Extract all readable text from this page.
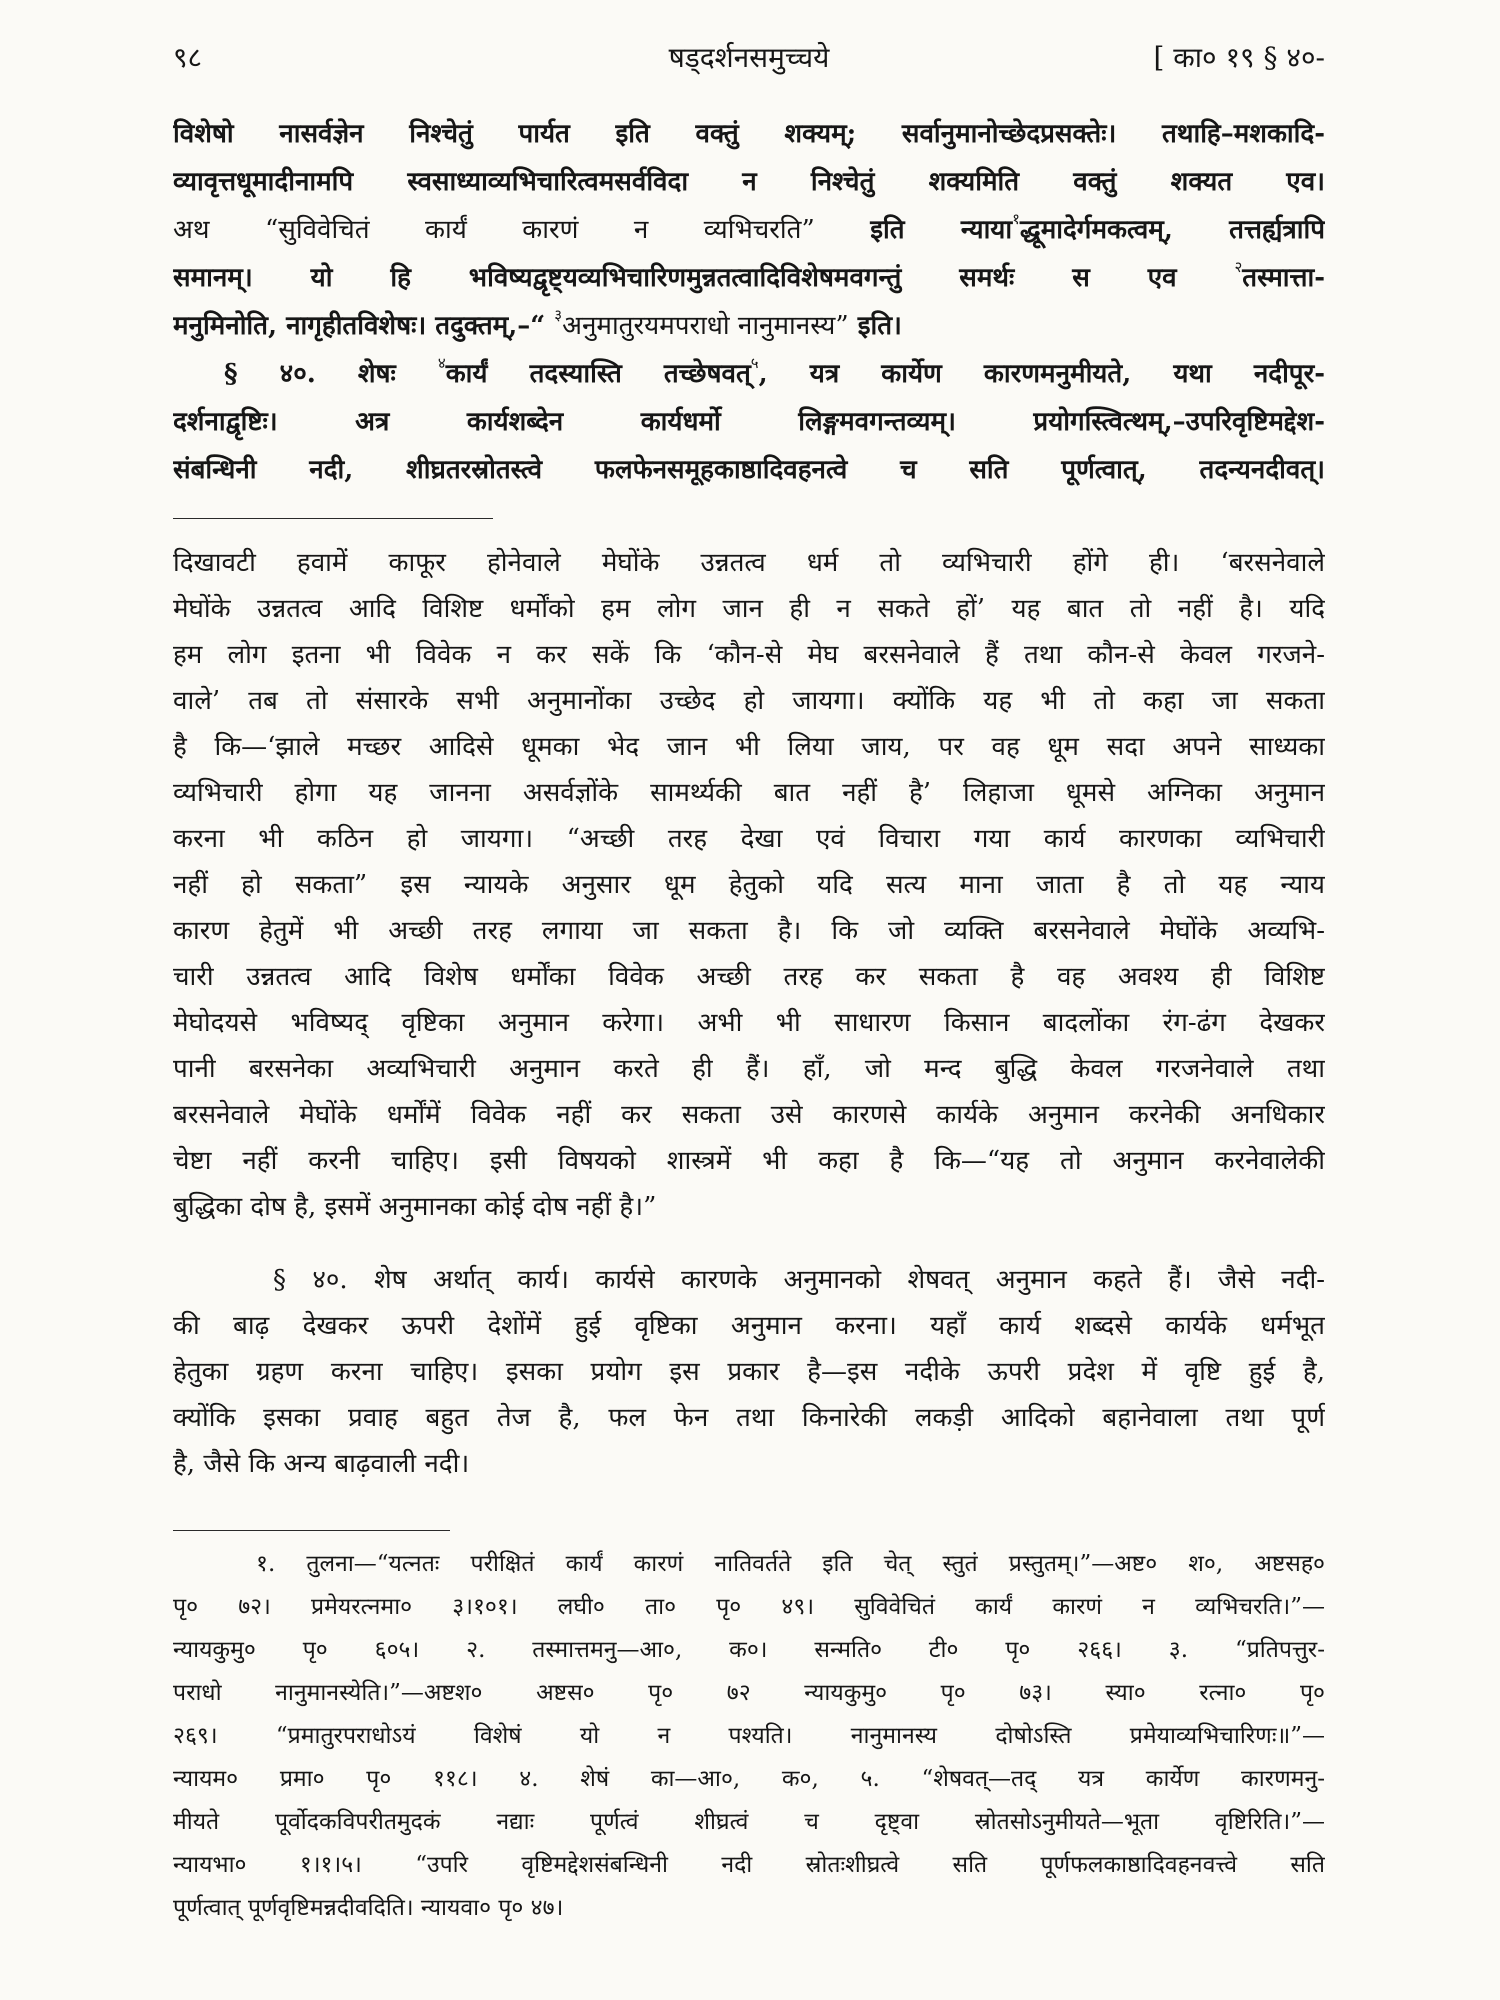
९८	षड्दर्शनसमुच्चये	[ का० १९ § ४०-
विशेषो नासर्वज्ञेन निश्चेतुं पार्यत इति वक्तुं शक्यम्; सर्वानुमानोच्छेदप्रसक्तेः। तथाहि–मशकादि-
व्यावृत्तधूमादीनामपि स्वसाध्याव्यभिचारित्वमसर्वविदा न निश्चेतुं शक्यमिति वक्तुं शक्यत एव।
अथ “सुविवेचितं कार्यं कारणं न व्यभिचरति” इति न्याया$^१$द्धूमादेर्गमकत्वम्, तत्तर्ह्यत्रापि
समानम्। यो हि भविष्यद्वृष्ट्यव्यभिचारिणमुन्नतत्वादिविशेषमवगन्तुं समर्थः स एव $^२$तस्मात्ता-
मनुमिनोति, नागृहीतविशेषः। तदुक्तम्,–“ $^३$अनुमातुरयमपराधो नानुमानस्य” इति।
§ ४०. शेषः $^४$कार्यं तदस्यास्ति तच्छेषवत्$^५$, यत्र कार्येण कारणमनुमीयते, यथा नदीपूर-
दर्शनाद्वृष्टिः। अत्र कार्यशब्देन कार्यधर्मो लिङ्गमवगन्तव्यम्। प्रयोगस्त्वित्थम्,–उपरिवृष्टिमद्देश-
संबन्धिनी नदी, शीघ्रतरस्रोतस्त्वे फलफेनसमूहकाष्ठादिवहनत्वे च सति पूर्णत्वात्, तदन्यनदीवत्।
दिखावटी हवामें काफूर होनेवाले मेघोंके उन्नतत्व धर्म तो व्यभिचारी होंगे ही। ‘बरसनेवाले
मेघोंके उन्नतत्व आदि विशिष्ट धर्मोंको हम लोग जान ही न सकते हों’ यह बात तो नहीं है। यदि
हम लोग इतना भी विवेक न कर सकें कि ‘कौन-से मेघ बरसनेवाले हैं तथा कौन-से केवल गरजने-
वाले’ तब तो संसारके सभी अनुमानोंका उच्छेद हो जायगा। क्योंकि यह भी तो कहा जा सकता
है कि—‘झाले मच्छर आदिसे धूमका भेद जान भी लिया जाय, पर वह धूम सदा अपने साध्यका
व्यभिचारी होगा यह जानना असर्वज्ञोंके सामर्थ्यकी बात नहीं है’ लिहाजा धूमसे अग्निका अनुमान
करना भी कठिन हो जायगा। “अच्छी तरह देखा एवं विचारा गया कार्य कारणका व्यभिचारी
नहीं हो सकता” इस न्यायके अनुसार धूम हेतुको यदि सत्य माना जाता है तो यह न्याय
कारण हेतुमें भी अच्छी तरह लगाया जा सकता है। कि जो व्यक्ति बरसनेवाले मेघोंके अव्यभि-
चारी उन्नतत्व आदि विशेष धर्मोंका विवेक अच्छी तरह कर सकता है वह अवश्य ही विशिष्ट
मेघोदयसे भविष्यद् वृष्टिका अनुमान करेगा। अभी भी साधारण किसान बादलोंका रंग-ढंग देखकर
पानी बरसनेका अव्यभिचारी अनुमान करते ही हैं। हाँ, जो मन्द बुद्धि केवल गरजनेवाले तथा
बरसनेवाले मेघोंके धर्मोंमें विवेक नहीं कर सकता उसे कारणसे कार्यके अनुमान करनेकी अनधिकार
चेष्टा नहीं करनी चाहिए। इसी विषयको शास्त्रमें भी कहा है कि—“यह तो अनुमान करनेवालेकी
बुद्धिका दोष है, इसमें अनुमानका कोई दोष नहीं है।”
§ ४०. शेष अर्थात् कार्य। कार्यसे कारणके अनुमानको शेषवत् अनुमान कहते हैं। जैसे नदी-
की बाढ़ देखकर ऊपरी देशोंमें हुई वृष्टिका अनुमान करना। यहाँ कार्य शब्दसे कार्यके धर्मभूत
हेतुका ग्रहण करना चाहिए। इसका प्रयोग इस प्रकार है—इस नदीके ऊपरी प्रदेश में वृष्टि हुई है,
क्योंकि इसका प्रवाह बहुत तेज है, फल फेन तथा किनारेकी लकड़ी आदिको बहानेवाला तथा पूर्ण
है, जैसे कि अन्य बाढ़वाली नदी।
१. तुलना—“यत्नतः परीक्षितं कार्यं कारणं नातिवर्तते इति चेत् स्तुतं प्रस्तुतम्।”—अष्ट० श०, अष्टसह०
पृ० ७२। प्रमेयरत्नमा० ३।१०१। लघी० ता० पृ० ४९। सुविवेचितं कार्यं कारणं न व्यभिचरति।”—
न्यायकुमु० पृ० ६०५। २. तस्मात्तमनु—आ०, क०। सन्मति० टी० पृ० २६६। ३. “प्रतिपत्तुर-
पराधो नानुमानस्येति।”—अष्टश० अष्टस० पृ० ७२ न्यायकुमु० पृ० ७३। स्या० रत्ना० पृ०
२६९। “प्रमातुरपराधोऽयं विशेषं यो न पश्यति। नानुमानस्य दोषोऽस्ति प्रमेयाव्यभिचारिणः॥”—
न्यायम० प्रमा० पृ० ११८। ४. शेषं का—आ०, क०, ५. “शेषवत्—तद् यत्र कार्येण कारणमनु-
मीयते पूर्वोदकविपरीतमुदकं नद्याः पूर्णत्वं शीघ्रत्वं च दृष्ट्वा स्रोतसोऽनुमीयते—भूता वृष्टिरिति।”—
न्यायभा० १।१।५। “उपरि वृष्टिमद्देशसंबन्धिनी नदी स्रोतःशीघ्रत्वे सति पूर्णफलकाष्ठादिवहनवत्त्वे सति
पूर्णत्वात् पूर्णवृष्टिमन्नदीवदिति। न्यायवा० पृ० ४७।
